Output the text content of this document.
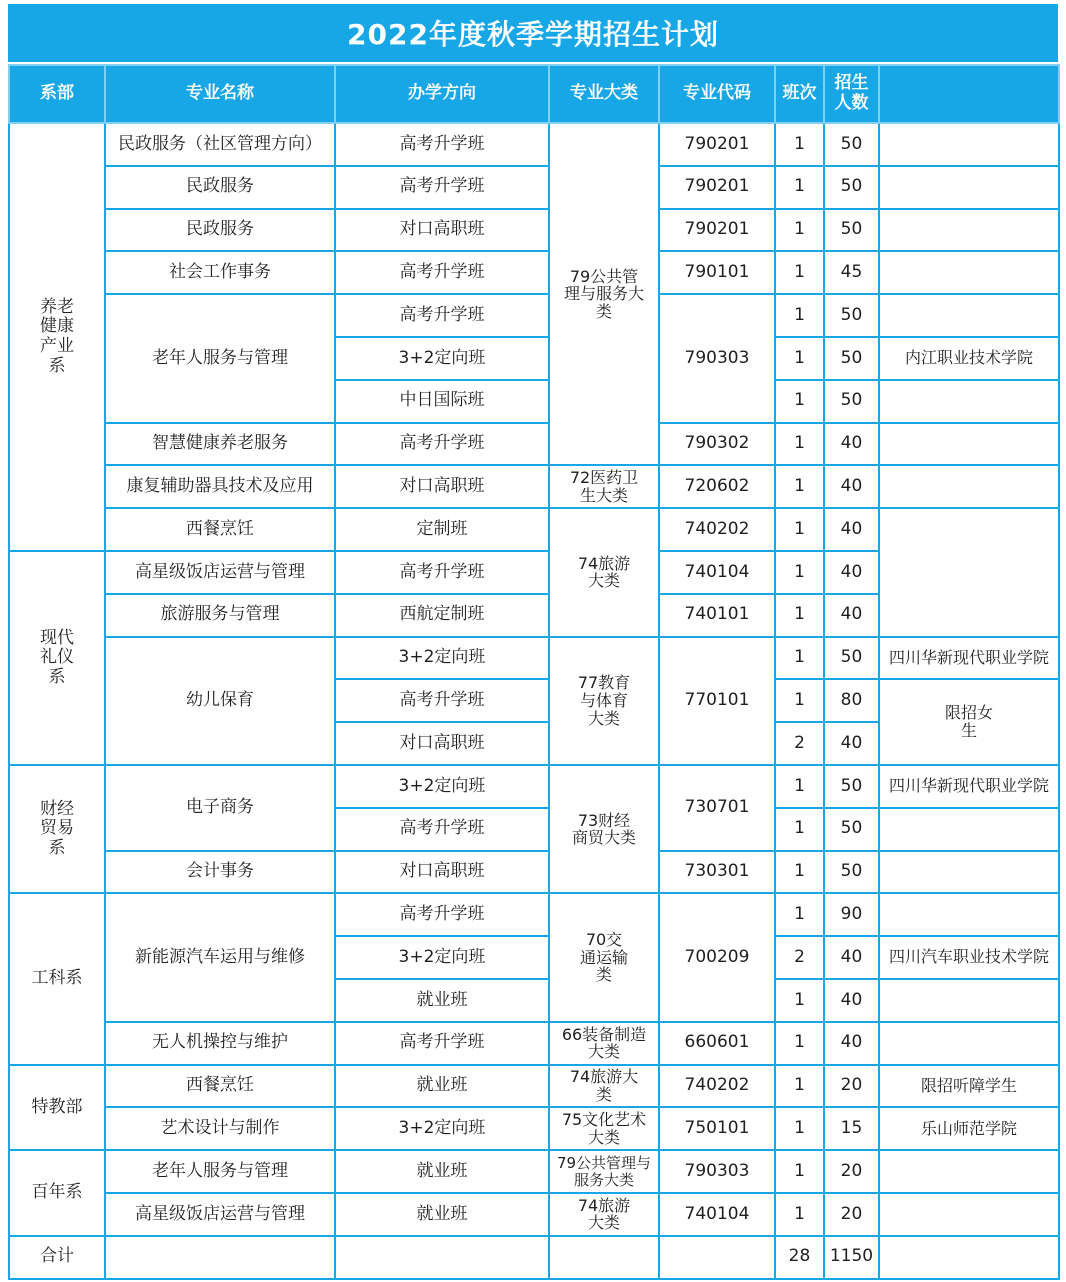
2022年度秋季学期招生计划
系部	专业名称	办学方向	专业大类	专业代码	班次	招生人数	
养老健康产业系	民政服务（社区管理方向）	高考升学班	79公共管理与服务大类	790201	1	50	
	民政服务	高考升学班		790201	1	50	
	民政服务	对口高职班		790201	1	50	
	社会工作事务	高考升学班		790101	1	45	
	老年人服务与管理	高考升学班		790303	1	50	
		3+2定向班			1	50	内江职业技术学院
		中日国际班			1	50	
	智慧健康养老服务	高考升学班		790302	1	40	
	康复辅助器具技术及应用	对口高职班	72医药卫生大类	720602	1	40	
	西餐烹饪	定制班	74旅游大类	740202	1	40	
现代礼仪系	高星级饭店运营与管理	高考升学班		740104	1	40	
	旅游服务与管理	西航定制班		740101	1	40	
	幼儿保育	3+2定向班	77教育与体育大类	770101	1	50	四川华新现代职业学院
		高考升学班			1	80	限招女生
		对口高职班			2	40	
财经贸易系	电子商务	3+2定向班	73财经商贸大类	730701	1	50	四川华新现代职业学院
		高考升学班			1	50	
	会计事务	对口高职班		730301	1	50	
工科系	新能源汽车运用与维修	高考升学班	70交通运输类	700209	1	90	
		3+2定向班			2	40	四川汽车职业技术学院
		就业班			1	40	
	无人机操控与维护	高考升学班	66装备制造大类	660601	1	40	
特教部	西餐烹饪	就业班	74旅游大类	740202	1	20	限招听障学生
	艺术设计与制作	3+2定向班	75文化艺术大类	750101	1	15	乐山师范学院
百年系	老年人服务与管理	就业班	79公共管理与服务大类	790303	1	20	
	高星级饭店运营与管理	就业班	74旅游大类	740104	1	20	
合计					28	1150	
